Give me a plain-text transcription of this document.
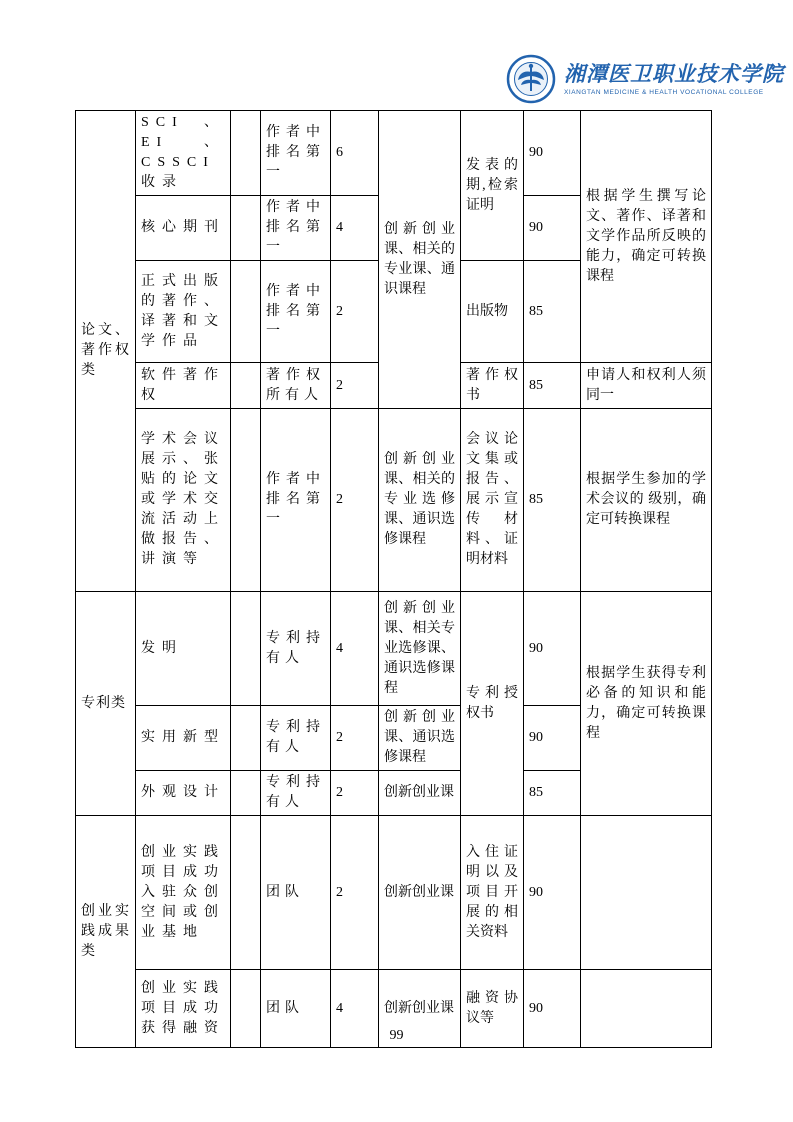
湘潭医卫职业技术学院
XIANGTAN MEDICINE & HEALTH VOCATIONAL COLLEGE
论文、著作权类	SCI、EI、CSSCI收录		作者中排名第一	6	创新创业课、相关的专业课、通识课程	发表的期,检索证明	90	根据学生撰写论文、著作、译著和文学作品所反映的能力，确定可转换课程
	核心期刊		作者中排名第一	4			90	
	正式出版的著作、译著和文学作品		作者中排名第一	2		出版物	85	
	软件著作权		著作权所有人	2		著作权书	85	申请人和权利人须同一
	学术会议展示、张贴的论文或学术交流活动上做报告、讲演等		作者中排名第一	2	创新创业课、相关的专业选修课、通识选修课程	会议论文集或报告、展示宣传材料、证明材料	85	根据学生参加的学术会议的 级别，确定可转换课程
专利类	发明		专利持有人	4	创新创业课、相关专业选修课、通识选修课程	专利授权书	90	根据学生获得专利必备的知识和能力，确定可转换课程
	实用新型		专利持有人	2	创新创业课、通识选修课程		90	
	外观设计		专利持有人	2	创新创业课		85	
创业实践成果类	创业实践项目成功入驻众创空间或创业基地		团队	2	创新创业课	入住证明以及项目开展的相关资料	90	
	创业实践项目成功获得融资		团队	4	创新创业课	融资协议等	90	
99
